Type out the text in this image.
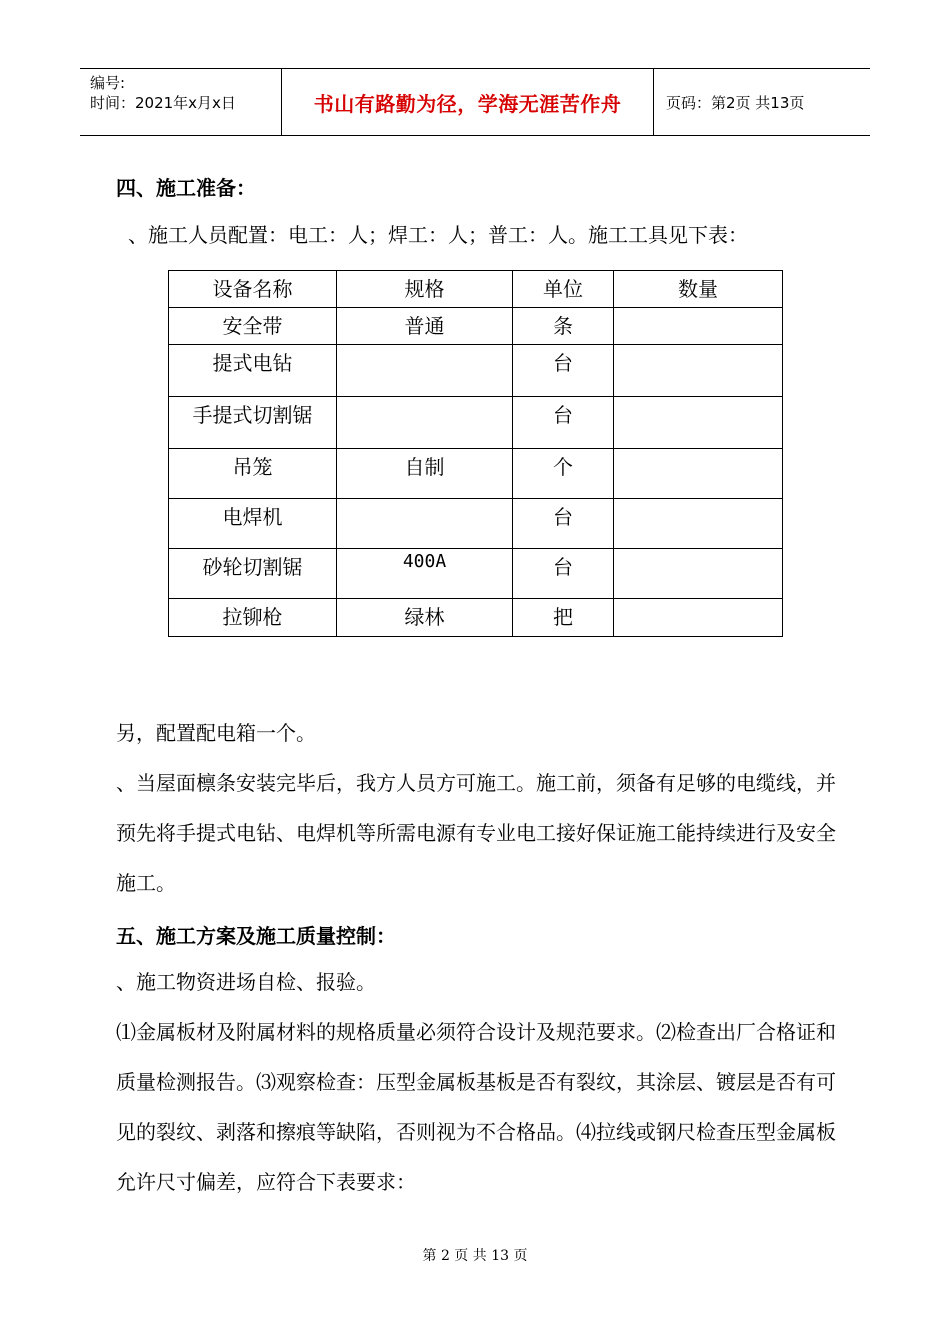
编号:
时间：2021年x月x日	书山有路勤为径，学海无涯苦作舟	页码：第2页 共13页
四、施工准备：
、施工人员配置：电工：人；焊工：人；普工：人。施工工具见下表：
设备名称	规格	单位	数量
安全带	普通	条	
提式电钻		台	
手提式切割锯		台	
吊笼	自制	个	
电焊机		台	
砂轮切割锯	400A	台	
拉铆枪	绿林	把	
另，配置配电箱一个。
、当屋面檩条安装完毕后，我方人员方可施工。施工前，须备有足够的电缆线，并预先将手提式电钻、电焊机等所需电源有专业电工接好保证施工能持续进行及安全施工。
五、施工方案及施工质量控制：
、施工物资进场自检、报验。
⑴金属板材及附属材料的规格质量必须符合设计及规范要求。⑵检查出厂合格证和质量检测报告。⑶观察检查：压型金属板基板是否有裂纹，其涂层、镀层是否有可见的裂纹、剥落和擦痕等缺陷，否则视为不合格品。⑷拉线或钢尺检查压型金属板允许尺寸偏差，应符合下表要求：
第 2 页 共 13 页
